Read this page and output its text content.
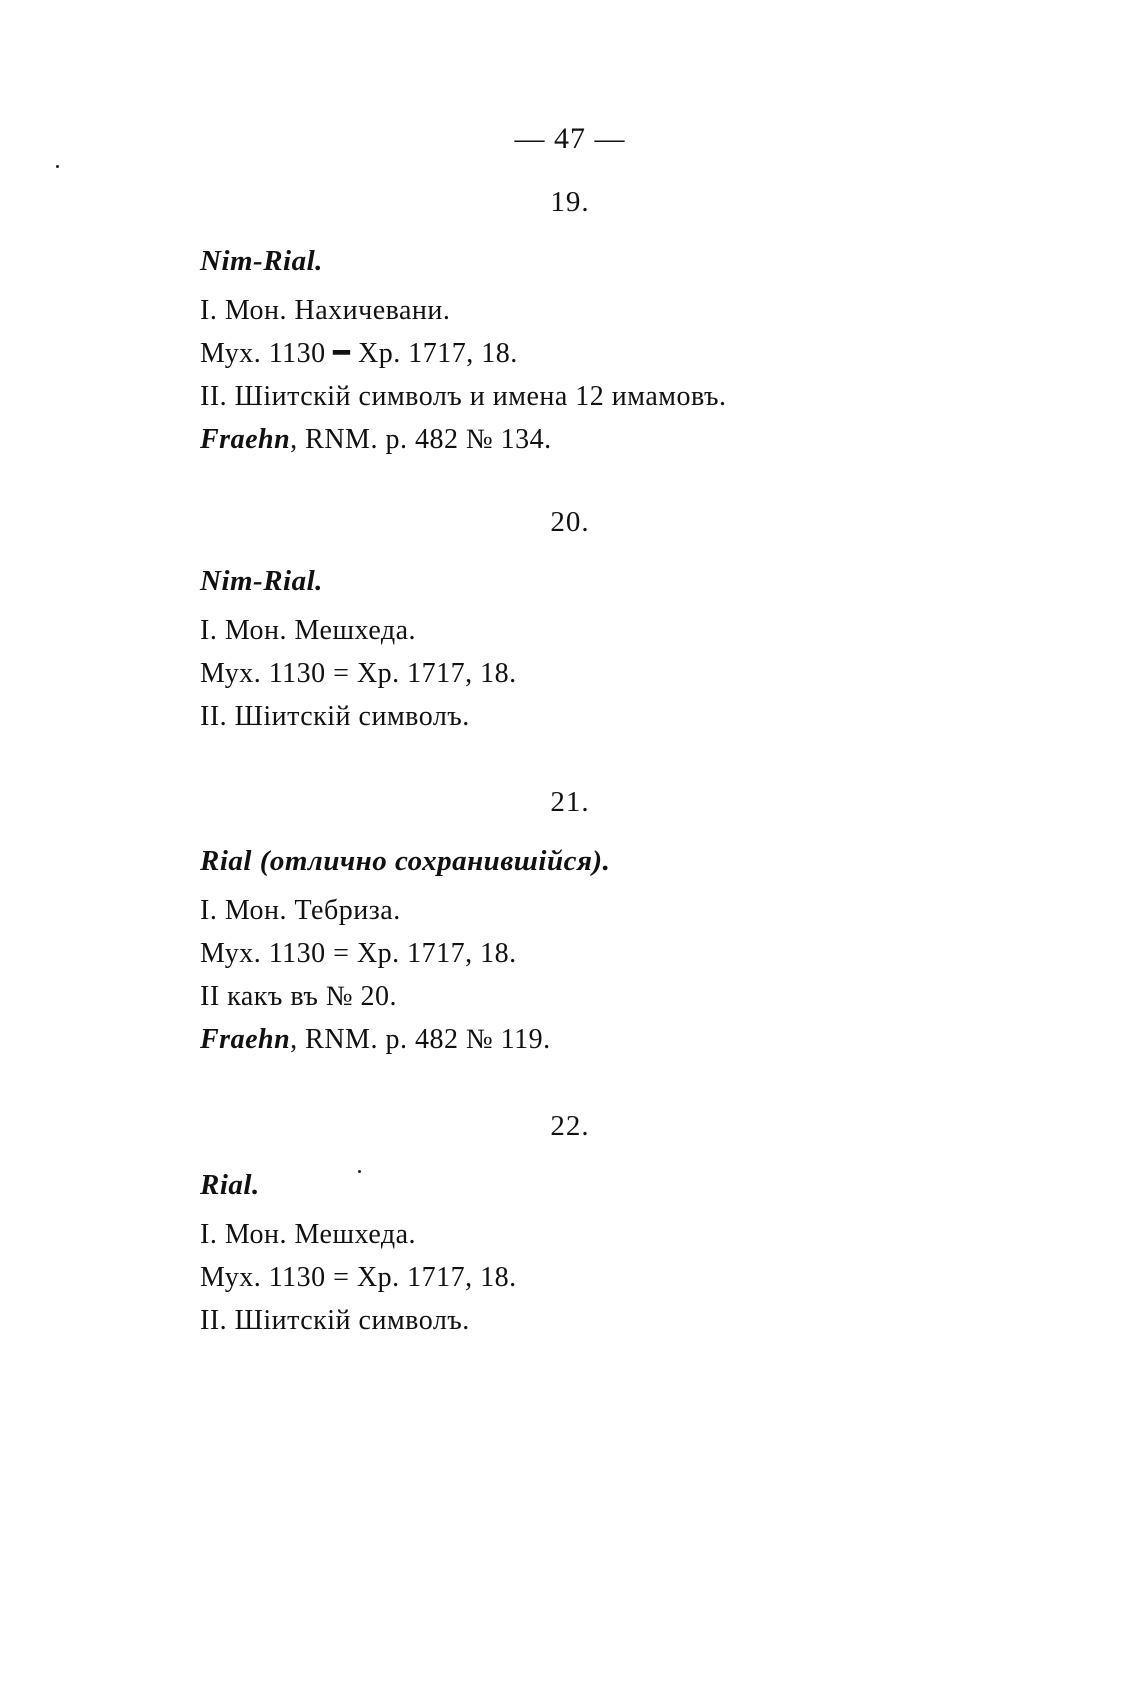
— 47 —
19.
Nim-Rial.
I. Мон. Нахичевани.
Мух. 1130 ━ Хр. 1717, 18.
II. Шiитскiй символъ и имена 12 имамовъ.
Fraehn, RNM. p. 482 № 134.
20.
Nim-Rial.
I. Мон. Мешхеда.
Мух. 1130 = Хр. 1717, 18.
II. Шiитскiй символъ.
21.
Rial (отлично сохранившiйся).
I. Мон. Тебриза.
Мух. 1130 = Хр. 1717, 18.
II какъ въ № 20.
Fraehn, RNM. p. 482 № 119.
22.
Rial.
I. Мон. Мешхеда.
Мух. 1130 = Хр. 1717, 18.
II. Шiитскiй символъ.
